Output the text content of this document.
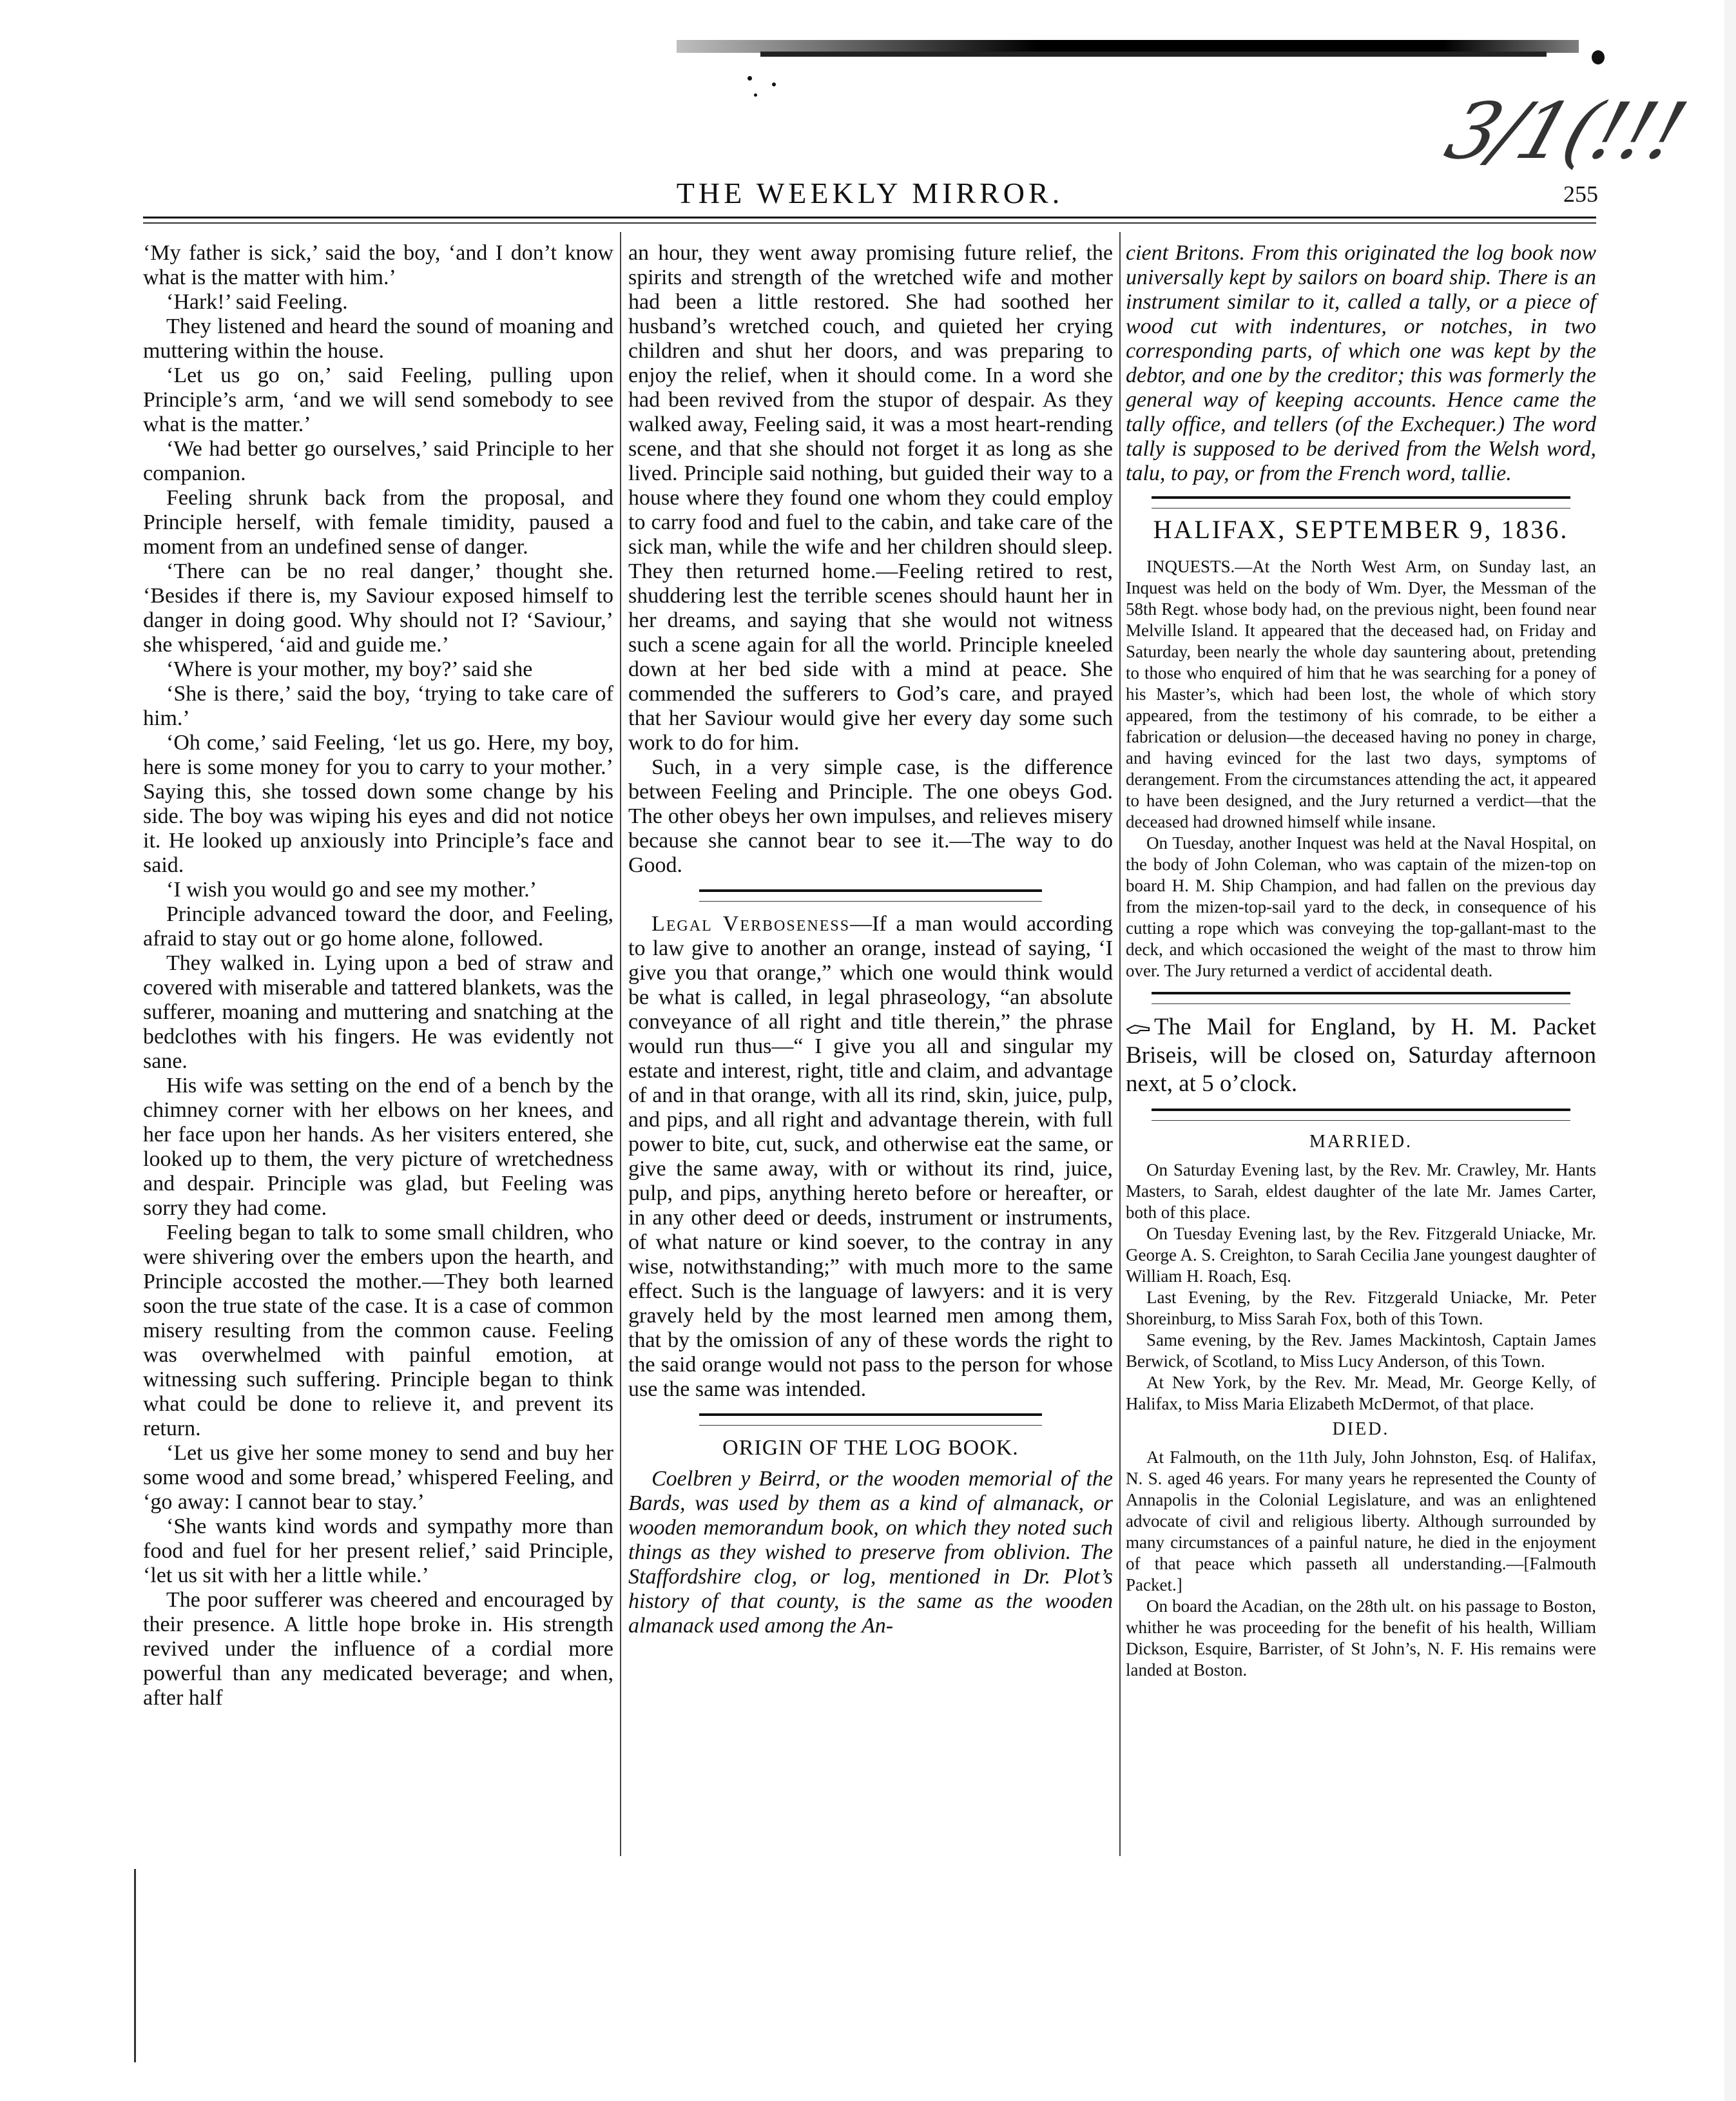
3/1(!!!
THE WEEKLY MIRROR.	255

‘My father is sick,’ said the boy, ‘and I don’t know what is the matter with him.’

‘Hark!’ said Feeling.

They listened and heard the sound of moaning and muttering within the house.

‘Let us go on,’ said Feeling, pulling upon Principle’s arm, ‘and we will send somebody to see what is the matter.’

‘We had better go ourselves,’ said Principle to her companion.

Feeling shrunk back from the proposal, and Principle herself, with female timidity, paused a moment from an undefined sense of danger.

‘There can be no real danger,’ thought she. ‘Besides if there is, my Saviour exposed himself to danger in doing good. Why should not I? ‘Saviour,’ she whispered, ‘aid and guide me.’

‘Where is your mother, my boy?’ said she

‘She is there,’ said the boy, ‘trying to take care of him.’

‘Oh come,’ said Feeling, ‘let us go. Here, my boy, here is some money for you to carry to your mother.’ Saying this, she tossed down some change by his side. The boy was wiping his eyes and did not notice it. He looked up anxiously into Principle’s face and said.

‘I wish you would go and see my mother.’

Principle advanced toward the door, and Feeling, afraid to stay out or go home alone, followed.

They walked in. Lying upon a bed of straw and covered with miserable and tattered blankets, was the sufferer, moaning and muttering and snatching at the bedclothes with his fingers. He was evidently not sane.

His wife was setting on the end of a bench by the chimney corner with her elbows on her knees, and her face upon her hands. As her visiters entered, she looked up to them, the very picture of wretchedness and despair. Principle was glad, but Feeling was sorry they had come.

Feeling began to talk to some small children, who were shivering over the embers upon the hearth, and Principle accosted the mother.—They both learned soon the true state of the case. It is a case of common misery resulting from the common cause. Feeling was overwhelmed with painful emotion, at witnessing such suffering. Principle began to think what could be done to relieve it, and prevent its return.

‘Let us give her some money to send and buy her some wood and some bread,’ whispered Feeling, and ‘go away: I cannot bear to stay.’

‘She wants kind words and sympathy more than food and fuel for her present relief,’ said Principle, ‘let us sit with her a little while.’

The poor sufferer was cheered and encouraged by their presence. A little hope broke in. His strength revived under the influence of a cordial more powerful than any medicated beverage; and when, after half

an hour, they went away promising future relief, the spirits and strength of the wretched wife and mother had been a little restored. She had soothed her husband’s wretched couch, and quieted her crying children and shut her doors, and was preparing to enjoy the relief, when it should come. In a word she had been revived from the stupor of despair. As they walked away, Feeling said, it was a most heart-rending scene, and that she should not forget it as long as she lived. Principle said nothing, but guided their way to a house where they found one whom they could employ to carry food and fuel to the cabin, and take care of the sick man, while the wife and her children should sleep. They then returned home.—Feeling retired to rest, shuddering lest the terrible scenes should haunt her in her dreams, and saying that she would not witness such a scene again for all the world. Principle kneeled down at her bed side with a mind at peace. She commended the sufferers to God’s care, and prayed that her Saviour would give her every day some such work to do for him.

Such, in a very simple case, is the difference between Feeling and Principle. The one obeys God. The other obeys her own impulses, and relieves misery because she cannot bear to see it.—The way to do Good.

Legal Verboseness—If a man would according to law give to another an orange, instead of saying, ‘I give you that orange,” which one would think would be what is called, in legal phraseology, “an absolute conveyance of all right and title therein,” the phrase would run thus—“ I give you all and singular my estate and interest, right, title and claim, and advantage of and in that orange, with all its rind, skin, juice, pulp, and pips, and all right and advantage therein, with full power to bite, cut, suck, and otherwise eat the same, or give the same away, with or without its rind, juice, pulp, and pips, anything hereto before or hereafter, or in any other deed or deeds, instrument or instruments, of what nature or kind soever, to the contray in any wise, notwithstanding;” with much more to the same effect. Such is the language of lawyers: and it is very gravely held by the most learned men among them, that by the omission of any of these words the right to the said orange would not pass to the person for whose use the same was intended.

ORIGIN OF THE LOG BOOK.

Coelbren y Beirrd, or the wooden memorial of the Bards, was used by them as a kind of almanack, or wooden memorandum book, on which they noted such things as they wished to preserve from oblivion. The Staffordshire clog, or log, mentioned in Dr. Plot’s history of that county, is the same as the wooden almanack used among the An-

cient Britons. From this originated the log book now universally kept by sailors on board ship. There is an instrument similar to it, called a tally, or a piece of wood cut with indentures, or notches, in two corresponding parts, of which one was kept by the debtor, and one by the creditor; this was formerly the general way of keeping accounts. Hence came the tally office, and tellers (of the Exchequer.) The word tally is supposed to be derived from the Welsh word, talu, to pay, or from the French word, tallie.

HALIFAX, SEPTEMBER 9, 1836.

INQUESTS.—At the North West Arm, on Sunday last, an Inquest was held on the body of Wm. Dyer, the Messman of the 58th Regt. whose body had, on the previous night, been found near Melville Island. It appeared that the deceased had, on Friday and Saturday, been nearly the whole day sauntering about, pretending to those who enquired of him that he was searching for a poney of his Master’s, which had been lost, the whole of which story appeared, from the testimony of his comrade, to be either a fabrication or delusion—the deceased having no poney in charge, and having evinced for the last two days, symptoms of derangement. From the circumstances attending the act, it appeared to have been designed, and the Jury returned a verdict—that the deceased had drowned himself while insane.

On Tuesday, another Inquest was held at the Naval Hospital, on the body of John Coleman, who was captain of the mizen-top on board H. M. Ship Champion, and had fallen on the previous day from the mizen-top-sail yard to the deck, in consequence of his cutting a rope which was conveying the top-gallant-mast to the deck, and which occasioned the weight of the mast to throw him over. The Jury returned a verdict of accidental death.

The Mail for England, by H. M. Packet Briseis, will be closed on, Saturday afternoon next, at 5 o’clock.
MARRIED.

On Saturday Evening last, by the Rev. Mr. Crawley, Mr. Hants Masters, to Sarah, eldest daughter of the late Mr. James Carter, both of this place.

On Tuesday Evening last, by the Rev. Fitzgerald Uniacke, Mr. George A. S. Creighton, to Sarah Cecilia Jane youngest daughter of William H. Roach, Esq.

Last Evening, by the Rev. Fitzgerald Uniacke, Mr. Peter Shoreinburg, to Miss Sarah Fox, both of this Town.

Same evening, by the Rev. James Mackintosh, Captain James Berwick, of Scotland, to Miss Lucy Anderson, of this Town.

At New York, by the Rev. Mr. Mead, Mr. George Kelly, of Halifax, to Miss Maria Elizabeth McDermot, of that place.

DIED.

At Falmouth, on the 11th July, John Johnston, Esq. of Halifax, N. S. aged 46 years. For many years he represented the County of Annapolis in the Colonial Legislature, and was an enlightened advocate of civil and religious liberty. Although surrounded by many circumstances of a painful nature, he died in the enjoyment of that peace which passeth all understanding.—[Falmouth Packet.]

On board the Acadian, on the 28th ult. on his passage to Boston, whither he was proceeding for the benefit of his health, William Dickson, Esquire, Barrister, of St John’s, N. F. His remains were landed at Boston.
